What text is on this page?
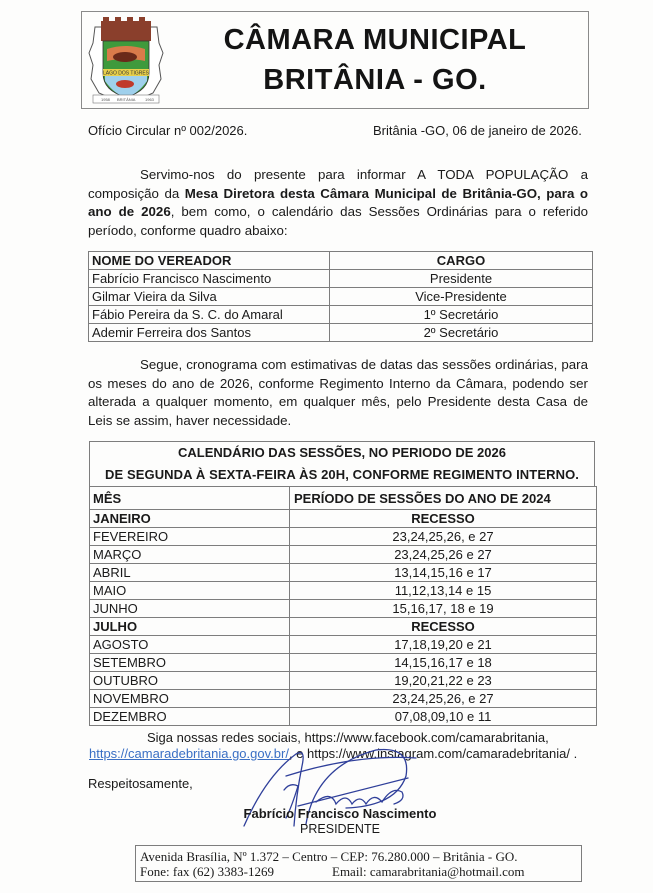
LAGO DOS TIGRES
1958 BRITÂNIA 1963
CÂMARA MUNICIPAL
BRITÂNIA - GO.
Ofício Circular nº 002/2026.	Britânia -GO, 06 de janeiro de 2026.
Servimo-nos do presente para informar A TODA POPULAÇÃO a composição da Mesa Diretora desta Câmara Municipal de Britânia-GO, para o ano de 2026, bem como, o calendário das Sessões Ordinárias para o referido período, conforme quadro abaixo:
NOME DO VEREADOR	CARGO
Fabrício Francisco Nascimento	Presidente
Gilmar Vieira da Silva	Vice-Presidente
Fábio Pereira da S. C. do Amaral	1º Secretário
Ademir Ferreira dos Santos	2º Secretário
Segue, cronograma com estimativas de datas das sessões ordinárias, para os meses do ano de 2026, conforme Regimento Interno da Câmara, podendo ser alterada a qualquer momento, em qualquer mês, pelo Presidente desta Casa de Leis se assim, haver necessidade.
CALENDÁRIO DAS SESSÕES, NO PERIODO DE 2026
DE SEGUNDA À SEXTA-FEIRA ÀS 20H, CONFORME REGIMENTO INTERNO.
MÊS	PERÍODO DE SESSÕES DO ANO DE 2024
JANEIRO	RECESSO
FEVEREIRO	23,24,25,26, e 27
MARÇO	23,24,25,26 e 27
ABRIL	13,14,15,16 e 17
MAIO	11,12,13,14 e 15
JUNHO	15,16,17, 18 e 19
JULHO	RECESSO
AGOSTO	17,18,19,20 e 21
SETEMBRO	14,15,16,17 e 18
OUTUBRO	19,20,21,22 e 23
NOVEMBRO	23,24,25,26, e 27
DEZEMBRO	07,08,09,10 e 11
Siga nossas redes sociais, https://www.facebook.com/camarabritania,
https://camaradebritania.go.gov.br/, e https://www.instagram.com/camaradebritania/ .
Respeitosamente,
Fabrício Francisco Nascimento
PRESIDENTE
Avenida Brasília, Nº 1.372 – Centro – CEP: 76.280.000 – Britânia - GO.
Fone: fax (62) 3383-1269	Email: camarabritania@hotmail.com
